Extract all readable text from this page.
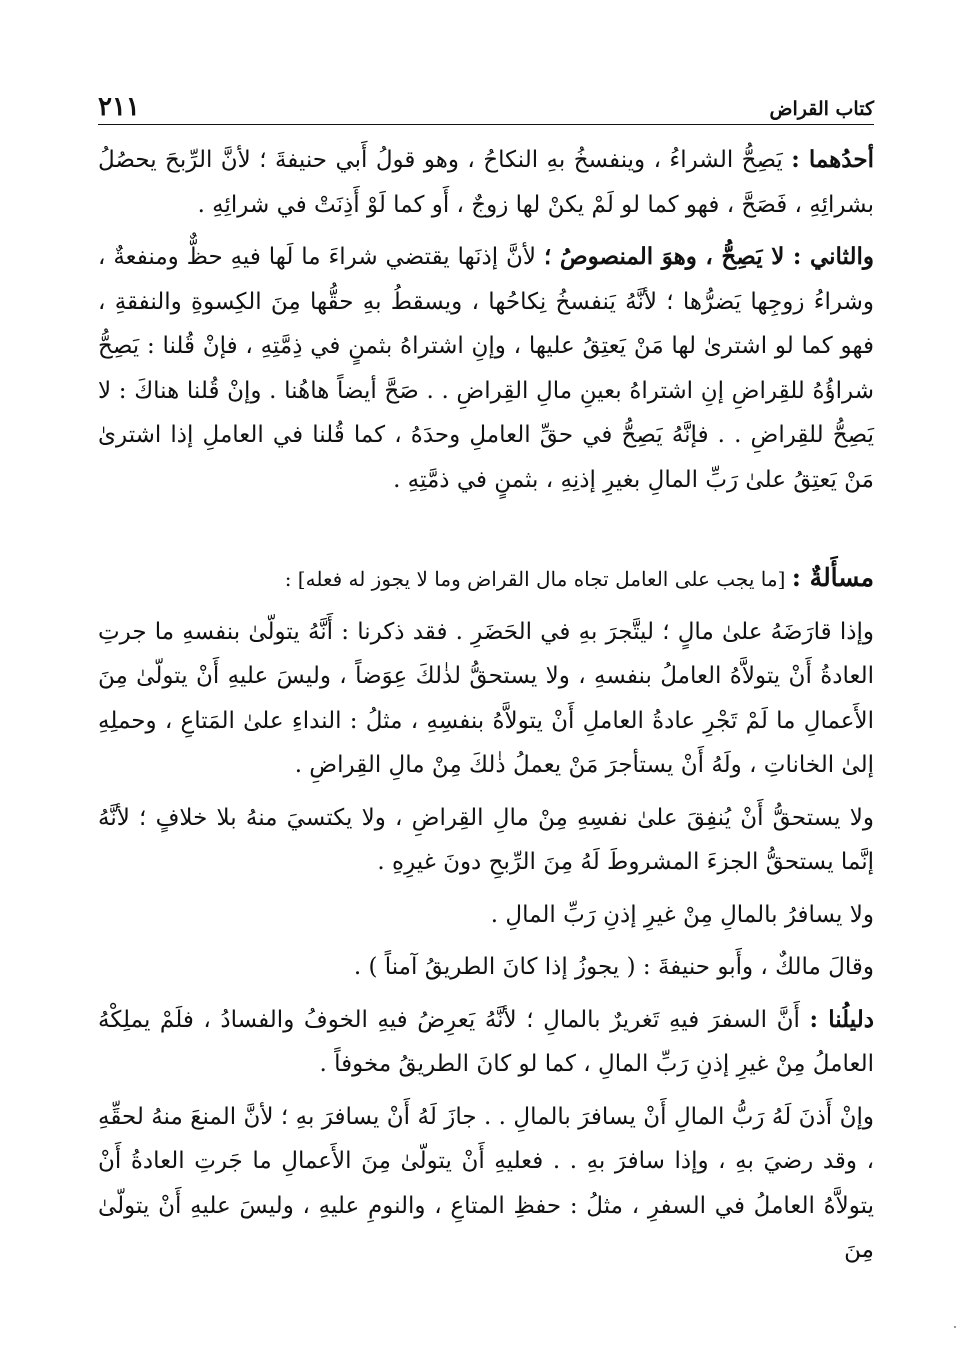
كتاب القراض
٢١١

أحدُهما : يَصِحُّ الشراءُ ، وينفسخُ بهِ النكاحُ ، وهو قولُ أَبي حنيفةَ ؛ لأنَّ الرِّبحَ يحصُلُ بشرائِهِ ، فَصَحَّ ، فهو كما لو لَمْ يكنْ لها زوجٌ ، أَو كما لَوْ أَذِنَتْ في شرائِهِ .

والثاني : لا يَصِحُّ ، وهوَ المنصوصُ ؛ لأنَّ إذنَها يقتضي شراءَ ما لَها فيهِ حظٌّ ومنفعةٌ ، وشراءُ زوجِها يَضرُّها ؛ لأنَّهُ يَنفسخُ نِكاحُها ، ويسقطُ بهِ حقُّها مِنَ الكِسوةِ والنفقةِ ، فهو كما لو اشترىٰ لها مَنْ يَعتِقُ عليها ، وإنِ اشتراهُ بثمنٍ في ذِمَّتِهِ ، فإنْ قُلنا : يَصِحُّ شراؤُهُ للقِراضِ إنِ اشتراهُ بعينِ مالِ القِراضِ . . صَحَّ أيضاً هاهُنا . وإنْ قُلنا هناكَ : لا يَصِحُّ للقِراضِ . . فإنَّهُ يَصِحُّ في حقِّ العاملِ وحدَهُ ، كما قُلنا في العاملِ إذا اشترىٰ مَنْ يَعتِقُ علىٰ رَبِّ المالِ بغيرِ إذنِهِ ، بثمنٍ في ذمَّتِهِ .

مسأَلةٌ : [ما يجب على العامل تجاه مال القراض وما لا يجوز له فعله] :

وإذا قارَضَهُ علىٰ مالٍ ؛ ليتَّجرَ بهِ في الحَضَرِ . فقد ذكرنا : أَنَّهُ يتولّىٰ بنفسهِ ما جرتِ العادةُ أَنْ يتولاَّهُ العاملُ بنفسهِ ، ولا يستحقُّ لذٰلكَ عِوَضاً ، وليسَ عليهِ أَنْ يتولّىٰ مِنَ الأَعمالِ ما لَمْ تَجْرِ عادةُ العاملِ أَنْ يتولاَّهُ بنفسِهِ ، مثلُ : النداءِ علىٰ المَتاعِ ، وحملِهِ إلىٰ الخاناتِ ، ولَهُ أَنْ يستأجرَ مَنْ يعملُ ذٰلكَ مِنْ مالِ القِراضِ .

ولا يستحقُّ أَنْ يُنفِقَ علىٰ نفسِهِ مِنْ مالِ القِراضِ ، ولا يكتسيَ منهُ بلا خلافٍ ؛ لأنَّهُ إنَّما يستحقُّ الجزءَ المشروطَ لَهُ مِنَ الرِّبحِ دونَ غيرِهِ .

ولا يسافرُ بالمالِ مِنْ غيرِ إذنِ رَبِّ المالِ .

وقالَ مالكٌ ، وأَبو حنيفةَ : ( يجوزُ إذا كانَ الطريقُ آمناً ) .

دليلُنا : أَنَّ السفرَ فيهِ تَغريرٌ بالمالِ ؛ لأنَّهُ يَعرِضُ فيهِ الخوفُ والفسادُ ، فلَمْ يملِكْهُ العاملُ مِنْ غيرِ إذنِ رَبِّ المالِ ، كما لو كانَ الطريقُ مخوفاً .

وإنْ أَذنَ لَهُ رَبُّ المالِ أَنْ يسافرَ بالمالِ . . جازَ لَهُ أَنْ يسافرَ بهِ ؛ لأنَّ المنعَ منهُ لحقِّهِ ، وقد رضيَ بهِ ، وإذا سافرَ بهِ . . فعليهِ أَنْ يتولّىٰ مِنَ الأَعمالِ ما جَرتِ العادةُ أَنْ يتولاَّهُ العاملُ في السفرِ ، مثلُ : حفظِ المتاعِ ، والنومِ عليهِ ، وليسَ عليهِ أَنْ يتولّىٰ مِنَ
